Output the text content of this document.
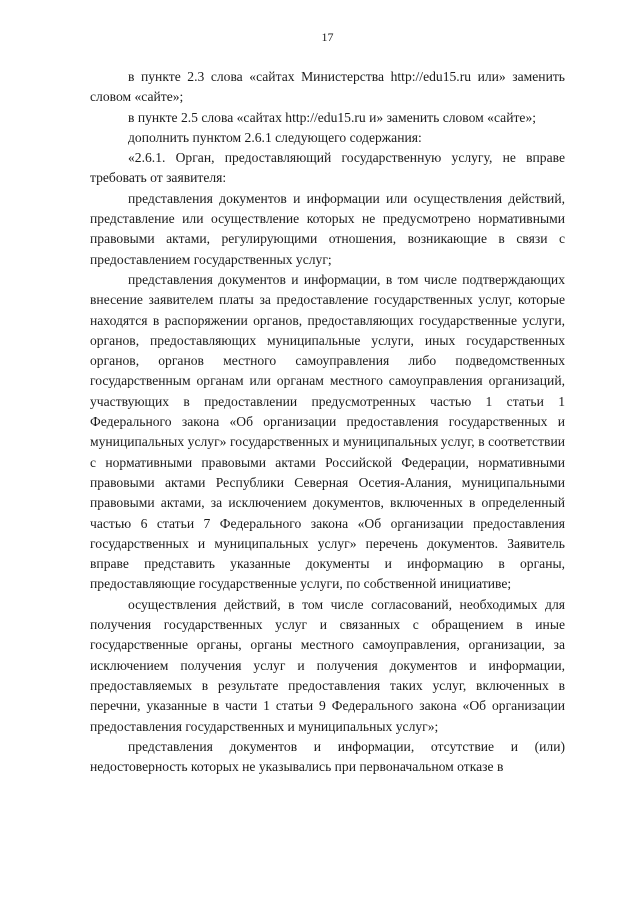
17

в пункте 2.3 слова «сайтах Министерства http://edu15.ru или» заменить словом «сайте»;

в пункте 2.5 слова «сайтах http://edu15.ru и» заменить словом «сайте»;

дополнить пунктом 2.6.1 следующего содержания:

«2.6.1. Орган, предоставляющий государственную услугу, не вправе требовать от заявителя:

представления документов и информации или осуществления действий, представление или осуществление которых не предусмотрено нормативными правовыми актами, регулирующими отношения, возникающие в связи с предоставлением государственных услуг;

представления документов и информации, в том числе подтверждающих внесение заявителем платы за предоставление государственных услуг, которые находятся в распоряжении органов, предоставляющих государственные услуги, органов, предоставляющих муниципальные услуги, иных государственных органов, органов местного самоуправления либо подведомственных государственным органам или органам местного самоуправления организаций, участвующих в предоставлении предусмотренных частью 1 статьи 1 Федерального закона «Об организации предоставления государственных и муниципальных услуг» государственных и муниципальных услуг, в соответствии с нормативными правовыми актами Российской Федерации, нормативными правовыми актами Республики Северная Осетия-Алания, муниципальными правовыми актами, за исключением документов, включенных в определенный частью 6 статьи 7 Федерального закона «Об организации предоставления государственных и муниципальных услуг» перечень документов. Заявитель вправе представить указанные документы и информацию в органы, предоставляющие государственные услуги, по собственной инициативе;

осуществления действий, в том числе согласований, необходимых для получения государственных услуг и связанных с обращением в иные государственные органы, органы местного самоуправления, организации, за исключением получения услуг и получения документов и информации, предоставляемых в результате предоставления таких услуг, включенных в перечни, указанные в части 1 статьи 9 Федерального закона «Об организации предоставления государственных и муниципальных услуг»;

представления документов и информации, отсутствие и (или) недостоверность которых не указывались при первоначальном отказе в
